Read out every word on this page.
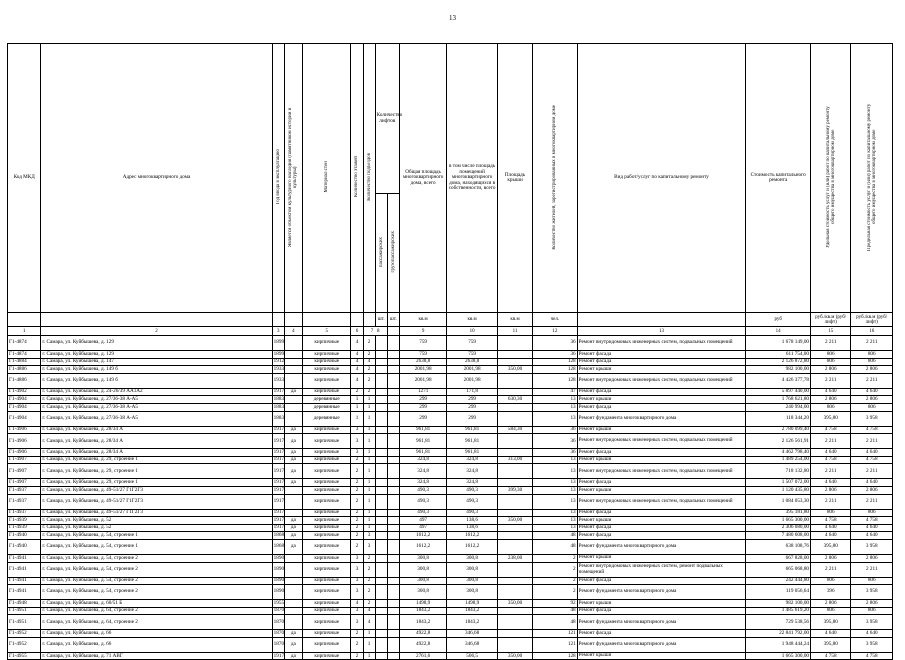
13
Код МКД	Адрес многоквартирного дома	Год ввода в эксплуатацию	Является объектом культурного наследия (памятником истории и культуры)	Материал стен	Количество этажей	Количество подъездов	Количество лифтов		Общая площадь многоквартирного дома, всего	в том числе площадь помещений многоквартирного дома, находящихся в собственности, всего	Площадь крыши	Количество жителей, зарегистрированных в многоквартирном доме	Вид работ/услуг по капитальному ремонту	Стоимость капитального ремонта	Удельная стоимость услуг и (или) работ по капитальному ремонту общего имущества в многоквартирном доме	Предельная стоимость услуг и (или) работ по капитальному ремонту общего имущества в многоквартирном доме
							пассажирских	грузопассажирских								
							шт.	шт.	кв.м	кв.м	кв.м	чел.		руб	руб./кв.м (руб/лифт)	руб./кв.м (руб/лифт)
1	2	3	4	5	6	7 8			9	10	11	12	13	14	15	16
Г1-4874	г. Самара, ул. Куйбышева, д. 129	1899		кирпичные	4	2			759	759		36	Ремонт внутридомовых инженерных систем, подвальных помещений	1 678 149,00	2 211	2 211
Г1-4874	г. Самара, ул. Куйбышева, д. 129	1899		кирпичные	4	2			759	759		36	Ремонт фасада	611 754,00	806	806
Г1-4884	г. Самара, ул. Куйбышева, д. 147	1912		кирпичные	4	4			2638,8	2638,8		128	Ремонт фасада	2 126 872,80	806	806
Г1-4886	г. Самара, ул. Куйбышева, д. 149 б	1933		кирпичные	4	2			2001,98	2001,98	350,00	128	Ремонт крыши	982 100,00	2 806	2 806
Г1-4886	г. Самара, ул. Куйбышева, д. 149 б	1933		кирпичные	4	2			2001,98	2001,98		128	Ремонт внутридомовых инженерных систем, подвальных помещений	4 426 377,78	2 211	2 211
Г1-4902	г. Самара, ул. Куйбышева, д. 24-26/39 АА1А2	1917	да	кирпичные	2	2			1271	171,8		47	Ремонт фасада	5 897 440,00	4 640	4 640
Г1-4904	г. Самара, ул. Куйбышева, д. 27/36-38 А-А5	1883		деревянные	1	1			299	299	630,30	13	Ремонт крыши	1 768 621,80	2 806	2 806
Г1-4904	г. Самара, ул. Куйбышева, д. 27/36-38 А-А5	1883		деревянные	1	1			299	299		13	Ремонт фасада	240 994,00	806	806
Г1-4904	г. Самара, ул. Куйбышева, д. 27/36-38 А-А5	1883		деревянные	1	1			299	299		13	Ремонт фундамента многоквартирного дома	118 344,20	395,80	3 958
Г1-4906	г. Самара, ул. Куйбышева, д. 28/34 А	1917	да	кирпичные	3	1			961,81	961,81	584,30	36	Ремонт крыши	2 780 099,40	4 758	4 758
Г1-4906	г. Самара, ул. Куйбышева, д. 28/34 А	1917	да	кирпичные	3	1			961,81	961,81		36	Ремонт внутридомовых инженерных систем, подвальных помещений	2 126 561,91	2 211	2 211
Г1-4906	г. Самара, ул. Куйбышева, д. 28/34 А	1917	да	кирпичные	3	1			961,81	961,81		36	Ремонт фасада	4 462 798,40	4 640	4 640
Г1-4907	г. Самара, ул. Куйбышева, д. 29, строение 1	1917	да	кирпичные	2	1			324,8	324,8	313,00	13	Ремонт крыши	1 489 254,00	4 758	4 758
Г1-4907	г. Самара, ул. Куйбышева, д. 29, строение 1	1917	да	кирпичные	2	1			324,8	324,8		13	Ремонт внутридомовых инженерных систем, подвальных помещений	718 132,80	2 211	2 211
Г1-4907	г. Самара, ул. Куйбышева, д. 29, строение 1	1917	да	кирпичные	2	1			324,8	324,8		13	Ремонт фасада	1 507 072,00	4 640	4 640
Г1-4937	г. Самара, ул. Куйбышева, д. 49-51/27 Г1Г2Г3	1917		кирпичные	2	1			490,3	490,3	399,30	13	Ремонт крыши	1 120 435,80	2 806	2 806
Г1-4937	г. Самара, ул. Куйбышева, д. 49-51/27 Г1Г2Г3	1917		кирпичные	2	1			490,3	490,3		13	Ремонт внутридомовых инженерных систем, подвальных помещений	1 084 053,30	2 211	2 211
Г1-4937	г. Самара, ул. Куйбышева, д. 49-51/27 Г1Г2Г3	1917		кирпичные	2	1			490,3	490,3		13	Ремонт фасада	395 181,80	806	806
Г1-4939	г. Самара, ул. Куйбышева, д. 52	1917	да	кирпичные	2	1			497	138,6	350,00	13	Ремонт крыши	1 665 300,00	4 758	4 758
Г1-4939	г. Самара, ул. Куйбышева, д. 52	1917	да	кирпичные	2	1			497	138,6		13	Ремонт фасада	2 306 080,00	4 640	4 640
Г1-4940	г. Самара, ул. Куйбышева, д. 54, строение 1	1868	да	кирпичные	2	3			1612,2	1612,2		48	Ремонт фасада	7 480 608,00	4 640	4 640
Г1-4940	г. Самара, ул. Куйбышева, д. 54, строение 1	1868	да	кирпичные	2	3			1612,2	1612,2		48	Ремонт фундамента многоквартирного дома	638 108,76	395,80	3 958
Г1-4941	г. Самара, ул. Куйбышева, д. 54, строение 2	1890		кирпичные	3	2			300,8	300,8	238,00	2	Ремонт крыши	667 828,00	2 806	2 806
Г1-4941	г. Самара, ул. Куйбышева, д. 54, строение 2	1890		кирпичные	3	2			300,8	300,8		2	Ремонт внутридомовых инженерных систем, ремонт подвальных помещений	665 068,80	2 211	2 211
Г1-4941	г. Самара, ул. Куйбышева, д. 54, строение 2	1890		кирпичные	3	2			300,8	300,8		2	Ремонт фасада	242 444,80	806	806
Г1-4941	г. Самара, ул. Куйбышева, д. 54, строение 2	1890		кирпичные	3	2			300,8	300,8		2	Ремонт фундамента многоквартирного дома	119 056,64	396	3 958
Г1-4948	г. Самара, ул. Куйбышева, д. 60/51 Б	1955		кирпичные	4	2			1498,9	1498,9	350,00	92	Ремонт крыши	982 100,00	2 806	2 806
Г1-4951	г. Самара, ул. Куйбышева, д. 64, строение 2	1870		кирпичные	3	4			1843,2	1843,2		48	Ремонт фасада	1 485 619,20	806	806
Г1-4951	г. Самара, ул. Куйбышева, д. 64, строение 2	1870		кирпичные	3	4			1843,2	1843,2		48	Ремонт фундамента многоквартирного дома	729 538,56	395,80	3 958
Г1-4952	г. Самара, ул. Куйбышева, д. 66	1870	да	кирпичные	2	1			4922,8	346,68		121	Ремонт фасада	22 841 792,00	4 640	4 640
Г1-4952	г. Самара, ул. Куйбышева, д. 66	1870	да	кирпичные	2	1			4922,8	346,68		121	Ремонт фундамента многоквартирного дома	1 948 444,24	395,80	3 958
Г1-4955	г. Самара, ул. Куйбышева, д. 71 АВГ	1917	да	кирпичные	2	1			2761,6	506,5	350,00	128	Ремонт крыши	1 665 300,00	4 758	4 758
